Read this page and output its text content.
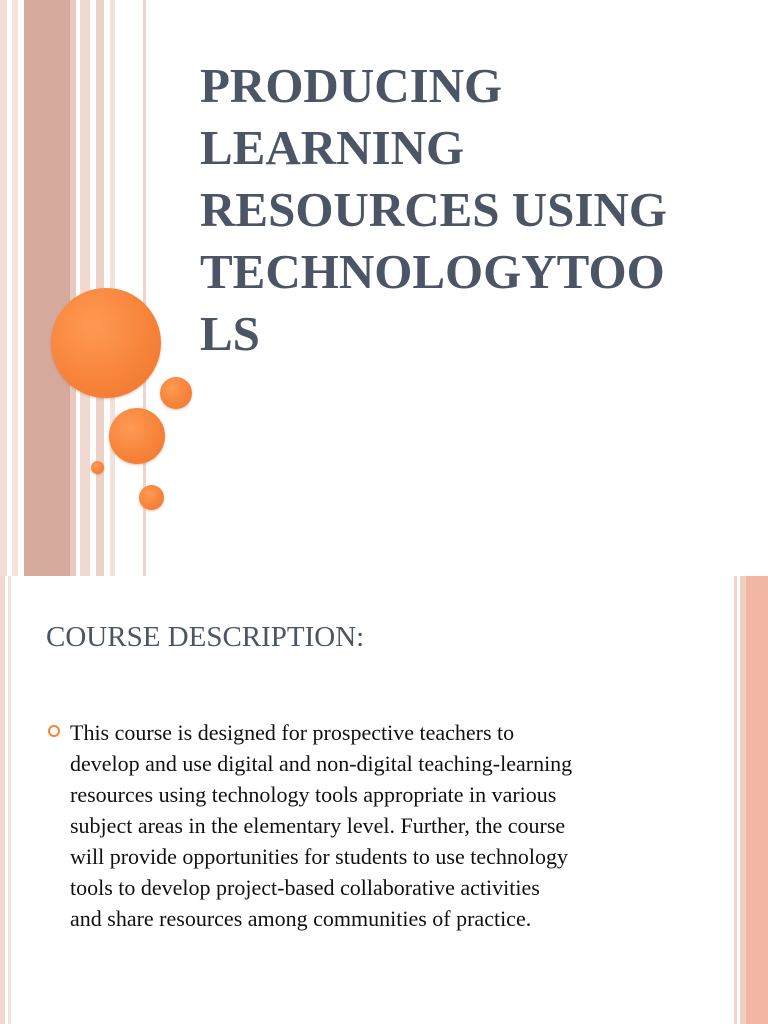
PRODUCING
LEARNING
RESOURCES USING
TECHNOLOGYTOO
LS
COURSE DESCRIPTION:

This course is designed for prospective teachers to
develop and use digital and non-digital teaching-learning
resources using technology tools appropriate in various
subject areas in the elementary level. Further, the course
will provide opportunities for students to use technology
tools to develop project-based collaborative activities
and share resources among communities of practice.
